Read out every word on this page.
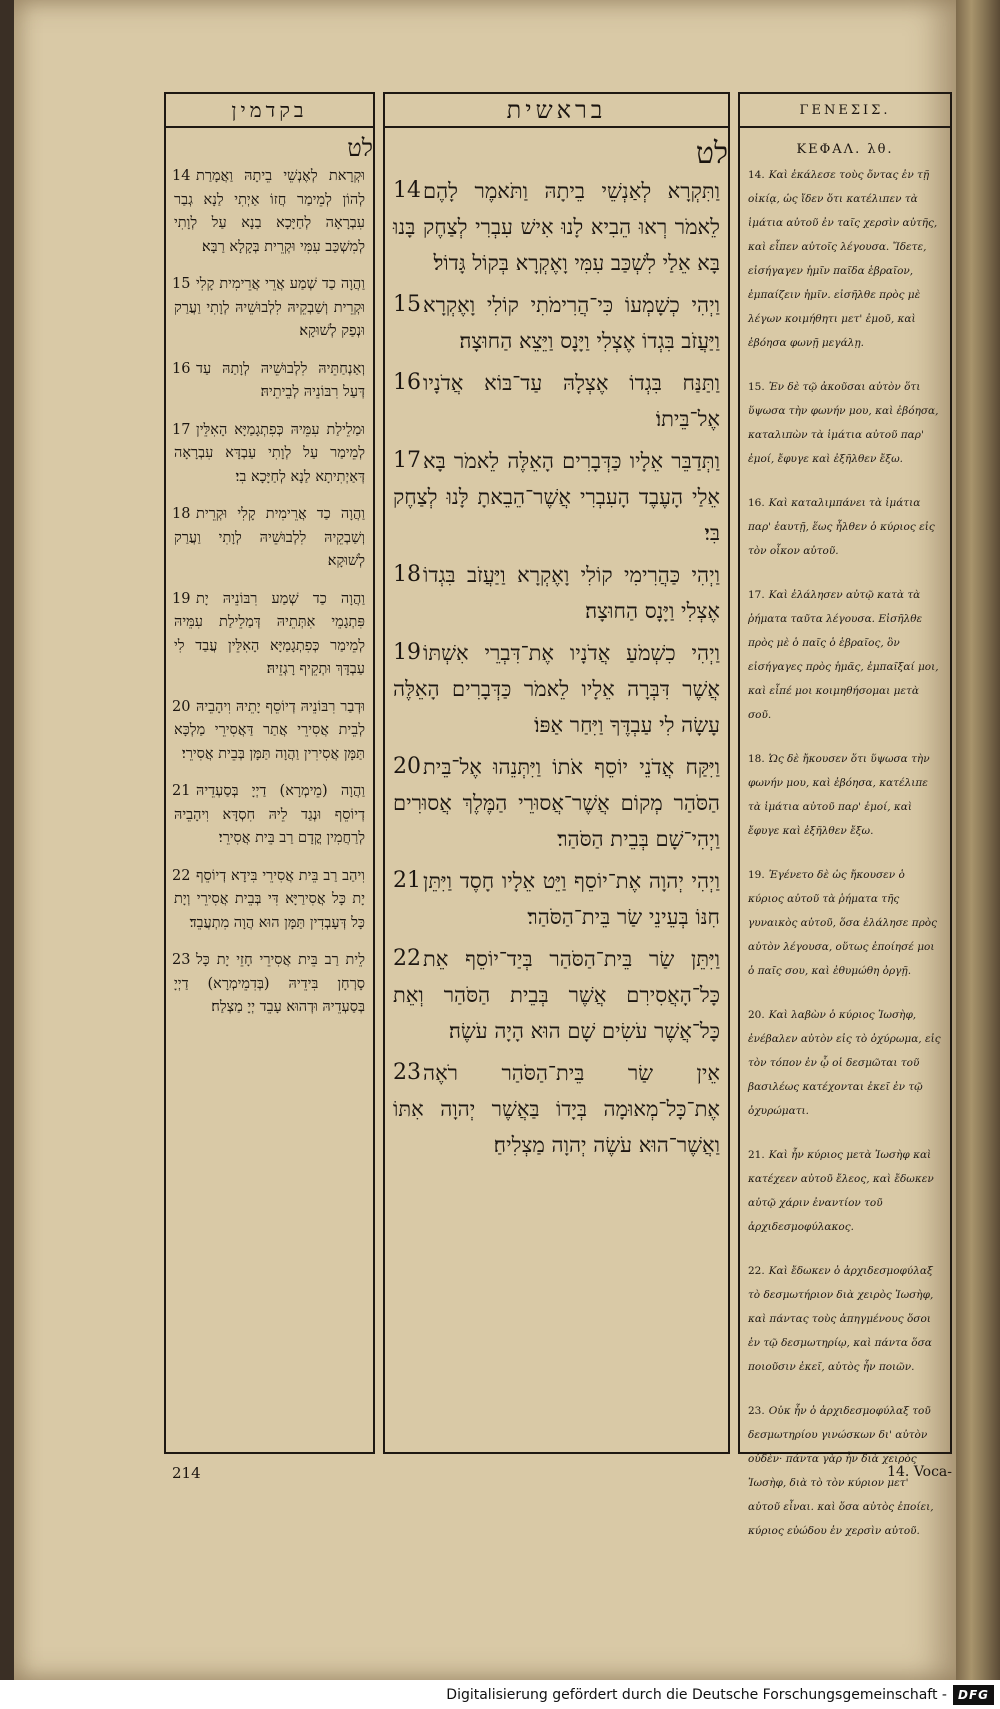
בקדמין
לט
14 וּקְרָאת לְאֶנְשֵׁי בֵיתָהּ וַאֲמָרַת לְהוֹן לְמֵימַר חֲזוֹ אַיְתִי לַנָא גְבַר עִבְרָאָה לְחַיָּכָא בַנָא עַל לְוָתִי לְמִשְׁכַּב עִמִּי וּקְרֵית בְּקָלָא רַבָּא׃
15 וַהֲוָה כַד שְׁמַע אֲרֵי אֲרֵימִית קָלִי וּקְרֵית וְשַׁבְקֵיהּ לִלְבוּשֵׁיהּ לְוָתִי וַעֲרַק וּנְפַק לְשׁוּקָא׃
16 וְאַנְחַתֵּיהּ לִלְבוּשֵׁיהּ לְוָתַהּ עַד דְּעַל רִבּוֹנֵיהּ לְבֵיתֵיהּ׃
17 וּמַלֵילַת עִמֵּיהּ כְּפִתְגָמַיָּא הָאִלֵּין לְמֵימַר עַל לְוָתִי עַבְדָּא עִבְרָאָה דְּאַיְתִיתָא לַנָא לְחַיָּכָא בִי׃
18 וַהֲוָה כַד אֲרֵימִית קָלִי וּקְרֵית וְשַׁבְקֵיהּ לִלְבוּשֵׁיהּ לְוָתִי וַעֲרַק לְשׁוּקָא׃
19 וַהֲוָה כַד שְׁמַע רִבּוֹנֵיהּ יָת פִּתְגָמֵי אִתְּתֵיהּ דְּמַלֵילַת עִמֵּיהּ לְמֵימַר כְּפִתְגָמַיָּא הָאִלֵּין עֲבַד לִי עַבְדָּךְ וּתְקֵיף רָגְזֵיהּ׃
20 וּדְבַר רִבּוֹנֵיהּ דְיוֹסֵף יָתֵיהּ וִיהָבֵיהּ לְבֵית אֲסִירֵי אֲתַר דַּאֲסִירֵי מַלְכָּא תַּמָּן אֲסִירִין וַהֲוָה תַּמָּן בְּבֵית אֲסִירֵי׃
21 וַהֲוָה (מֵימְרָא) דַיְיָ בְּסַעְדֵיהּ דְיוֹסֵף וּנְגַד לֵיהּ חִסְדָּא וִיהָבֵיהּ לְרַחֲמִין קֳדָם רַב בֵּית אֲסִירֵי׃
22 וִיהַב רַב בֵּית אֲסִירֵי בִּידָא דְיוֹסֵף יָת כָּל אֲסִירַיָּא דִּי בְּבֵית אֲסִירֵי וְיָת כָּל דְּעָבְדִין תַּמָּן הוּא הֲוָה מִתְעֲבֵד׃
23 לֵית רַב בֵּית אֲסִירֵי חָזֵי יָת כָּל סָרְחָן בִּידֵיהּ (בְּדִמֵימְרָא) דַיְיָ בְּסַעְדֵיהּ וּדְהוּא עָבֵד יְיָ מַצְלַח׃
בראשית
לט
14 וַתִּקְרָא לְאַנְשֵׁי בֵיתָהּ וַתֹּאמֶר לָהֶם לֵאמֹר רְאוּ הֵבִיא לָנוּ אִישׁ עִבְרִי לְצַחֶק בָּנוּ בָּא אֵלַי לִשְׁכַּב עִמִּי וָאֶקְרָא בְּקוֹל גָּדוֹל׃
15 וַיְהִי כְשָׁמְעוֹ כִּי־הֲרִימֹתִי קוֹלִי וָאֶקְרָא וַיַּעֲזֹב בִּגְדוֹ אֶצְלִי וַיָּנָס וַיֵּצֵא הַחוּצָה׃
16 וַתַּנַּח בִּגְדוֹ אֶצְלָהּ עַד־בּוֹא אֲדֹנָיו אֶל־בֵּיתוֹ׃
17 וַתְּדַבֵּר אֵלָיו כַּדְּבָרִים הָאֵלֶּה לֵאמֹר בָּא אֵלַי הָעֶבֶד הָעִבְרִי אֲשֶׁר־הֵבֵאתָ לָּנוּ לְצַחֶק בִּי׃
18 וַיְהִי כַּהֲרִימִי קוֹלִי וָאֶקְרָא וַיַּעֲזֹב בִּגְדוֹ אֶצְלִי וַיָּנָס הַחוּצָה׃
19 וַיְהִי כִשְׁמֹעַ אֲדֹנָיו אֶת־דִּבְרֵי אִשְׁתּוֹ אֲשֶׁר דִּבְּרָה אֵלָיו לֵאמֹר כַּדְּבָרִים הָאֵלֶּה עָשָׂה לִי עַבְדֶּךָ וַיִּחַר אַפּוֹ׃
20 וַיִּקַּח אֲדֹנֵי יוֹסֵף אֹתוֹ וַיִּתְּנֵהוּ אֶל־בֵּית הַסֹּהַר מְקוֹם אֲשֶׁר־אֲסוּרֵי הַמֶּלֶךְ אֲסוּרִים וַיְהִי־שָׁם בְּבֵית הַסֹּהַר׃
21 וַיְהִי יְהוָה אֶת־יוֹסֵף וַיֵּט אֵלָיו חָסֶד וַיִּתֵּן חִנּוֹ בְּעֵינֵי שַׂר בֵּית־הַסֹּהַר׃
22 וַיִּתֵּן שַׂר בֵּית־הַסֹּהַר בְּיַד־יוֹסֵף אֵת כָּל־הָאֲסִירִם אֲשֶׁר בְּבֵית הַסֹּהַר וְאֵת כָּל־אֲשֶׁר עֹשִׂים שָׁם הוּא הָיָה עֹשֶׂה׃
23 אֵין שַׂר בֵּית־הַסֹּהַר רֹאֶה אֶת־כָּל־מְאוּמָה בְּיָדוֹ בַּאֲשֶׁר יְהוָה אִתּוֹ וַאֲשֶׁר־הוּא עֹשֶׂה יְהוָה מַצְלִיחַ׃
ΓΕΝΕΣΙΣ.
ΚΕΦΑΛ. λθ.
14. Καὶ ἐκάλεσε τοὺς ὄντας ἐν τῇ οἰκίᾳ, ὡς ἴδεν ὅτι κατέλιπεν τὰ ἱμάτια αὐτοῦ ἐν ταῖς χερσὶν αὐτῆς, καὶ εἶπεν αὐτοῖς λέγουσα. Ἴδετε, εἰσήγαγεν ἡμῖν παῖδα ἑβραῖον, ἐμπαίζειν ἡμῖν. εἰσῆλθε πρὸς μὲ λέγων κοιμήθητι μετ' ἐμοῦ, καὶ ἐβόησα φωνῇ μεγάλῃ.
15. Ἐν δὲ τῷ ἀκοῦσαι αὐτὸν ὅτι ὕψωσα τὴν φωνήν μου, καὶ ἐβόησα, καταλιπὼν τὰ ἱμάτια αὐτοῦ παρ' ἐμοί, ἔφυγε καὶ ἐξῆλθεν ἔξω.
16. Καὶ καταλιμπάνει τὰ ἱμάτια παρ' ἑαυτῇ, ἕως ἦλθεν ὁ κύριος εἰς τὸν οἶκον αὐτοῦ.
17. Καὶ ἐλάλησεν αὐτῷ κατὰ τὰ ῥήματα ταῦτα λέγουσα. Εἰσῆλθε πρὸς μὲ ὁ παῖς ὁ ἑβραῖος, ὃν εἰσήγαγες πρὸς ἡμᾶς, ἐμπαῖξαί μοι, καὶ εἶπέ μοι κοιμηθήσομαι μετὰ σοῦ.
18. Ὡς δὲ ἤκουσεν ὅτι ὕψωσα τὴν φωνήν μου, καὶ ἐβόησα, κατέλιπε τὰ ἱμάτια αὐτοῦ παρ' ἐμοί, καὶ ἔφυγε καὶ ἐξῆλθεν ἔξω.
19. Ἐγένετο δὲ ὡς ἤκουσεν ὁ κύριος αὐτοῦ τὰ ῥήματα τῆς γυναικὸς αὐτοῦ, ὅσα ἐλάλησε πρὸς αὐτὸν λέγουσα, οὕτως ἐποίησέ μοι ὁ παῖς σου, καὶ ἐθυμώθη ὀργῇ.
20. Καὶ λαβὼν ὁ κύριος Ἰωσὴφ, ἐνέβαλεν αὐτὸν εἰς τὸ ὀχύρωμα, εἰς τὸν τόπον ἐν ᾧ οἱ δεσμῶται τοῦ βασιλέως κατέχονται ἐκεῖ ἐν τῷ ὀχυρώματι.
21. Καὶ ἦν κύριος μετὰ Ἰωσὴφ καὶ κατέχεεν αὐτοῦ ἔλεος, καὶ ἔδωκεν αὐτῷ χάριν ἐναντίον τοῦ ἀρχιδεσμοφύλακος.
22. Καὶ ἔδωκεν ὁ ἀρχιδεσμοφύλαξ τὸ δεσμωτήριον διὰ χειρὸς Ἰωσὴφ, καὶ πάντας τοὺς ἀπηγμένους ὅσοι ἐν τῷ δεσμωτηρίῳ, καὶ πάντα ὅσα ποιοῦσιν ἐκεῖ, αὐτὸς ἦν ποιῶν.
23. Οὐκ ἦν ὁ ἀρχιδεσμοφύλαξ τοῦ δεσμωτηρίου γινώσκων δι' αὐτὸν οὐδὲν· πάντα γὰρ ἦν διὰ χειρὸς Ἰωσὴφ, διὰ τὸ τὸν κύριον μετ' αὐτοῦ εἶναι. καὶ ὅσα αὐτὸς ἐποίει, κύριος εὐώδου ἐν χερσὶν αὐτοῦ.
214	14. Voca-
Digitalisierung gefördert durch die Deutsche Forschungsgemeinschaft - DFG
